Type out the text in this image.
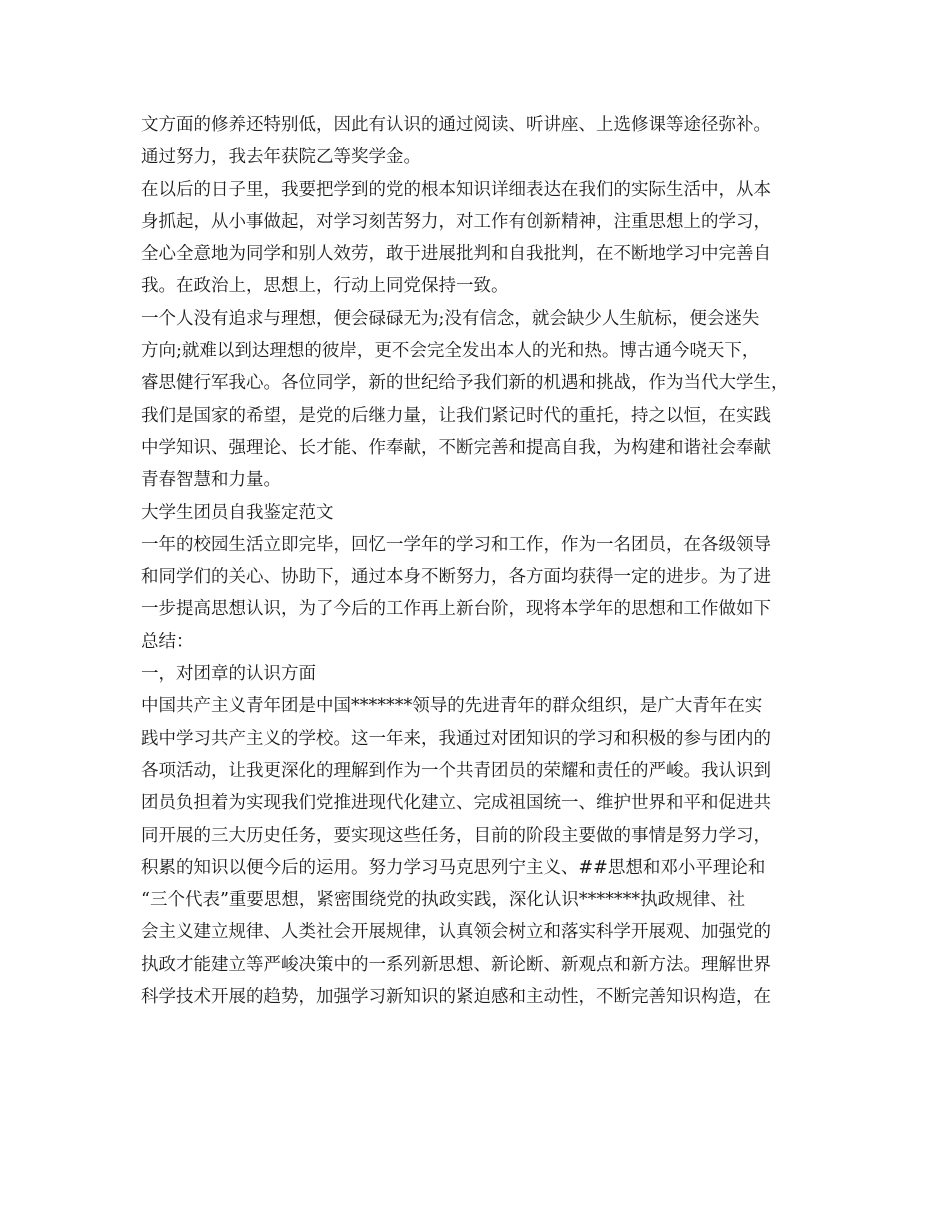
文方面的修养还特别低，因此有认识的通过阅读、听讲座、上选修课等途径弥补。
通过努力，我去年获院乙等奖学金。
在以后的日子里，我要把学到的党的根本知识详细表达在我们的实际生活中，从本
身抓起，从小事做起，对学习刻苦努力，对工作有创新精神，注重思想上的学习，
全心全意地为同学和别人效劳，敢于进展批判和自我批判，在不断地学习中完善自
我。在政治上，思想上，行动上同党保持一致。
一个人没有追求与理想，便会碌碌无为;没有信念，就会缺少人生航标，便会迷失
方向;就难以到达理想的彼岸，更不会完全发出本人的光和热。博古通今哓天下，
睿思健行军我心。各位同学，新的世纪给予我们新的机遇和挑战，作为当代大学生，
我们是国家的希望，是党的后继力量，让我们紧记时代的重托，持之以恒，在实践
中学知识、强理论、长才能、作奉献，不断完善和提高自我，为构建和谐社会奉献
青春智慧和力量。
大学生团员自我鉴定范文
一年的校园生活立即完毕，回忆一学年的学习和工作，作为一名团员，在各级领导
和同学们的关心、协助下，通过本身不断努力，各方面均获得一定的进步。为了进
一步提高思想认识，为了今后的工作再上新台阶，现将本学年的思想和工作做如下
总结：
一，对团章的认识方面
中国共产主义青年团是中国*******领导的先进青年的群众组织，是广大青年在实
践中学习共产主义的学校。这一年来，我通过对团知识的学习和积极的参与团内的
各项活动，让我更深化的理解到作为一个共青团员的荣耀和责任的严峻。我认识到
团员负担着为实现我们党推进现代化建立、完成祖国统一、维护世界和平和促进共
同开展的三大历史任务，要实现这些任务，目前的阶段主要做的事情是努力学习，
积累的知识以便今后的运用。努力学习马克思列宁主义、##思想和邓小平理论和
“三个代表”重要思想，紧密围绕党的执政实践，深化认识*******执政规律、社
会主义建立规律、人类社会开展规律，认真领会树立和落实科学开展观、加强党的
执政才能建立等严峻决策中的一系列新思想、新论断、新观点和新方法。理解世界
科学技术开展的趋势，加强学习新知识的紧迫感和主动性，不断完善知识构造，在
